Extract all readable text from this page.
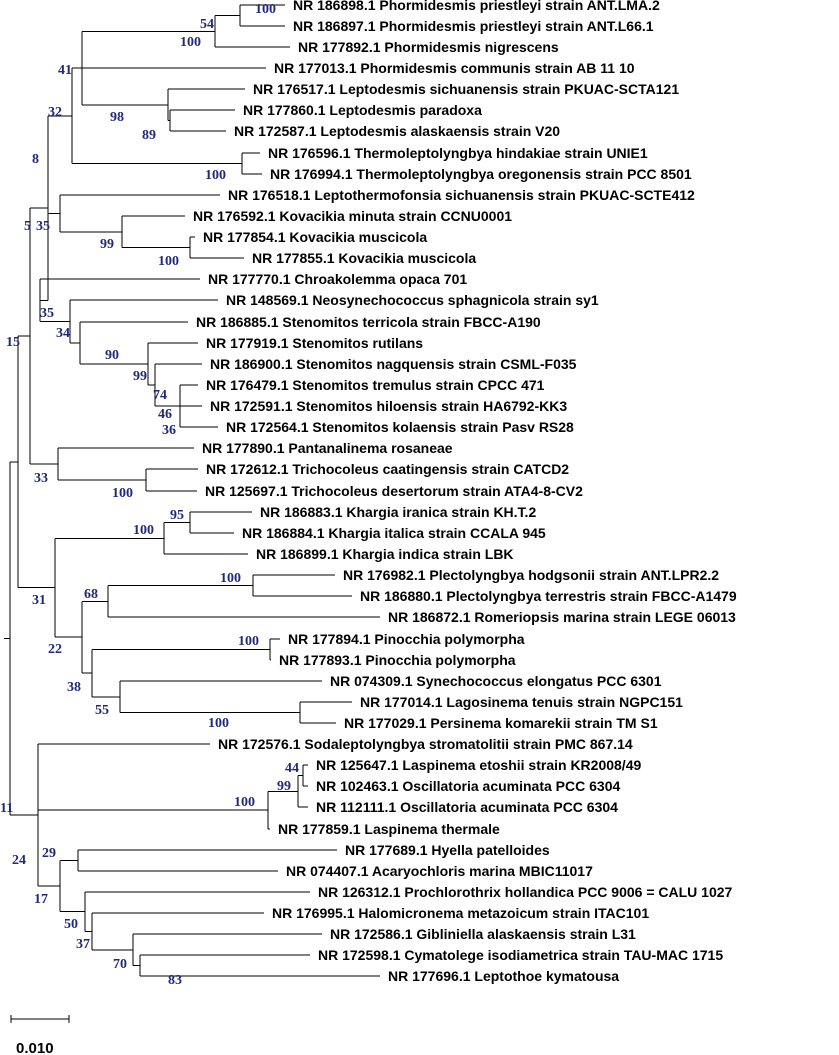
NR 186898.1 Phormidesmis priestleyi strain ANT.LMA.2
NR 186897.1 Phormidesmis priestleyi strain ANT.L66.1
NR 177892.1 Phormidesmis nigrescens
NR 177013.1 Phormidesmis communis strain AB 11 10
NR 176517.1 Leptodesmis sichuanensis strain PKUAC-SCTA121
NR 177860.1 Leptodesmis paradoxa
NR 172587.1 Leptodesmis alaskaensis strain V20
NR 176596.1 Thermoleptolyngbya hindakiae strain UNIE1
NR 176994.1 Thermoleptolyngbya oregonensis strain PCC 8501
NR 176518.1 Leptothermofonsia sichuanensis strain PKUAC-SCTE412
NR 176592.1 Kovacikia minuta strain CCNU0001
NR 177854.1 Kovacikia muscicola
NR 177855.1 Kovacikia muscicola
NR 177770.1 Chroakolemma opaca 701
NR 148569.1 Neosynechococcus sphagnicola strain sy1
NR 186885.1 Stenomitos terricola strain FBCC-A190
NR 177919.1 Stenomitos rutilans
NR 186900.1 Stenomitos nagquensis strain CSML-F035
NR 176479.1 Stenomitos tremulus strain CPCC 471
NR 172591.1 Stenomitos hiloensis strain HA6792-KK3
NR 172564.1 Stenomitos kolaensis strain Pasv RS28
NR 177890.1 Pantanalinema rosaneae
NR 172612.1 Trichocoleus caatingensis strain CATCD2
NR 125697.1 Trichocoleus desertorum strain ATA4-8-CV2
NR 186883.1 Khargia iranica strain KH.T.2
NR 186884.1 Khargia italica strain CCALA 945
NR 186899.1 Khargia indica strain LBK
NR 176982.1 Plectolyngbya hodgsonii strain ANT.LPR2.2
NR 186880.1 Plectolyngbya terrestris strain FBCC-A1479
NR 186872.1 Romeriopsis marina strain LEGE 06013
NR 177894.1 Pinocchia polymorpha
NR 177893.1 Pinocchia polymorpha
NR 074309.1 Synechococcus elongatus PCC 6301
NR 177014.1 Lagosinema tenuis strain NGPC151
NR 177029.1 Persinema komarekii strain TM S1
NR 172576.1 Sodaleptolyngbya stromatolitii strain PMC 867.14
NR 125647.1 Laspinema etoshii strain KR2008/49
NR 102463.1 Oscillatoria acuminata PCC 6304
NR 112111.1 Oscillatoria acuminata PCC 6304
NR 177859.1 Laspinema thermale
NR 177689.1 Hyella patelloides
NR 074407.1 Acaryochloris marina MBIC11017
NR 126312.1 Prochlorothrix hollandica PCC 9006 = CALU 1027
NR 176995.1 Halomicronema metazoicum strain ITAC101
NR 172586.1 Gibliniella alaskaensis strain L31
NR 172598.1 Cymatolege isodiametrica strain TAU-MAC 1715
NR 177696.1 Leptothoe kymatousa
100
54
100
41
98
89
32
100
8
5 35
99
100
35
34
90
99
74
46
36
15
33
100
95
100
31	68
100
22
100
38
55
100
11
44
99
100
24 29
17
50
37
70
83
0.010
